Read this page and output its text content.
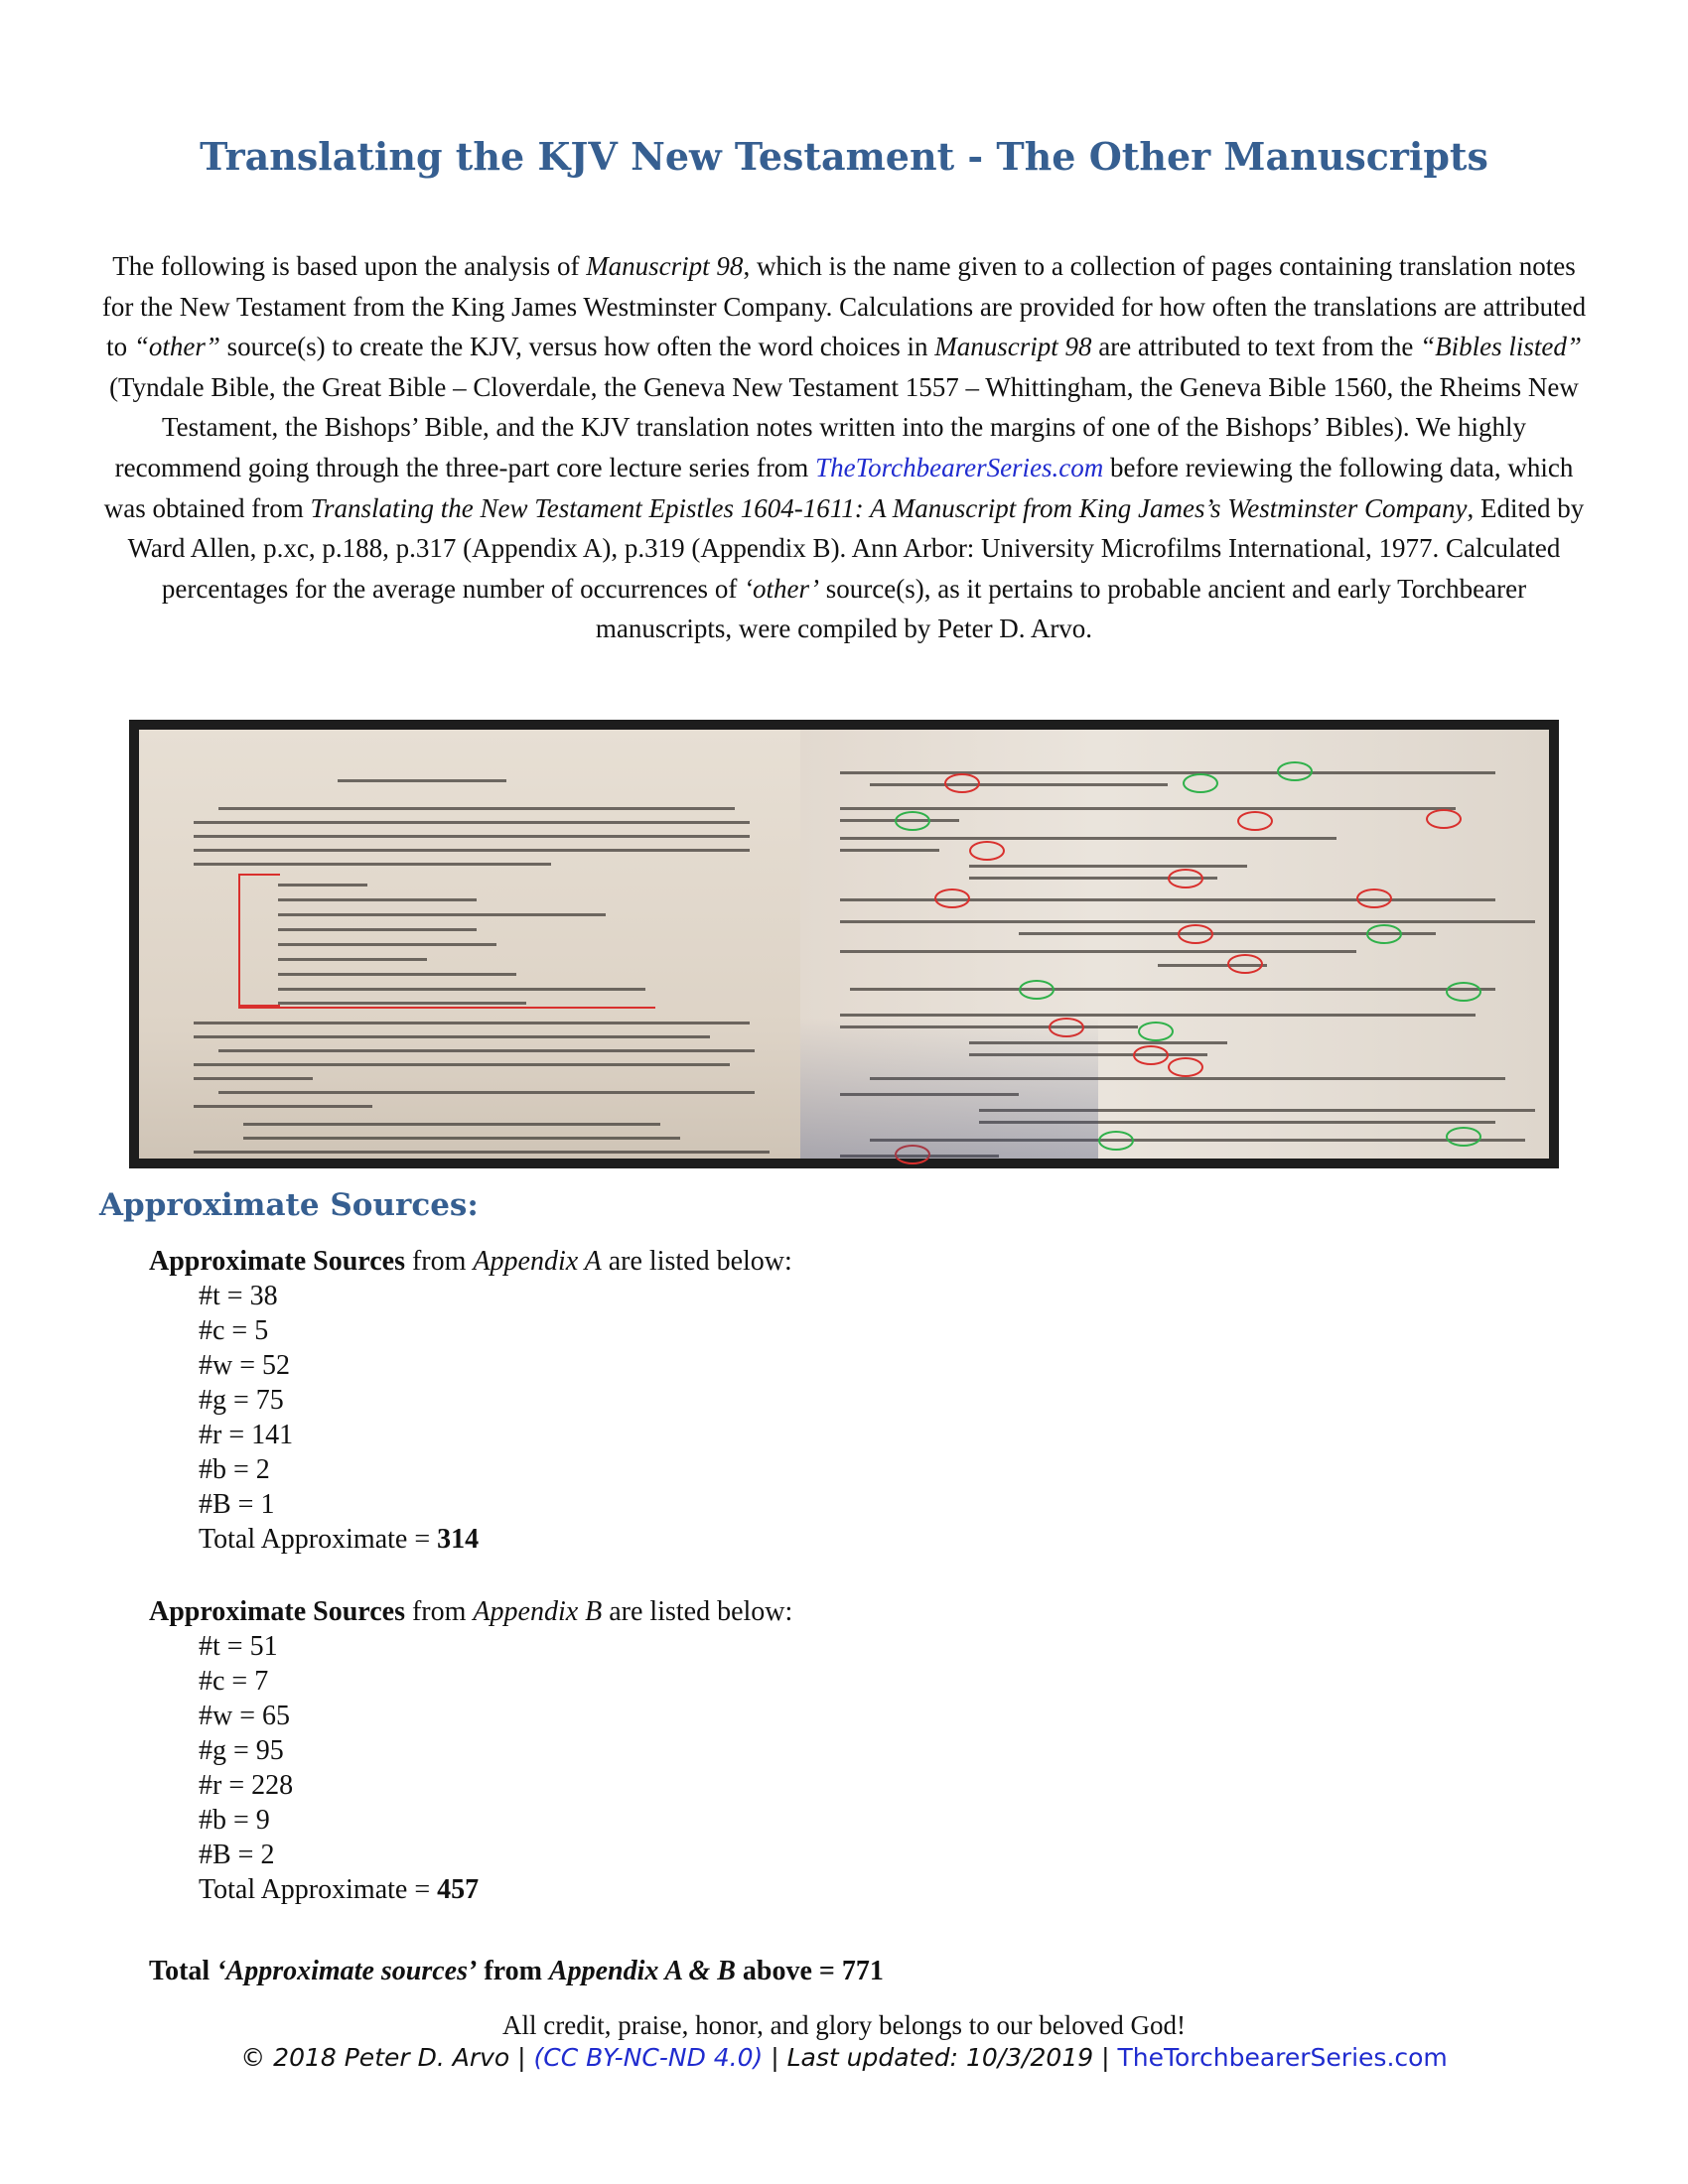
Translating the KJV New Testament - The Other Manuscripts

The following is based upon the analysis of Manuscript 98, which is the name given to a collection of pages containing translation notes for the New Testament from the King James Westminster Company. Calculations are provided for how often the translations are attributed to “other” source(s) to create the KJV, versus how often the word choices in Manuscript 98 are attributed to text from the “Bibles listed” (Tyndale Bible, the Great Bible – Cloverdale, the Geneva New Testament 1557 – Whittingham, the Geneva Bible 1560, the Rheims New Testament, the Bishops’ Bible, and the KJV translation notes written into the margins of one of the Bishops’ Bibles). We highly recommend going through the three-part core lecture series from TheTorchbearerSeries.com before reviewing the following data, which was obtained from Translating the New Testament Epistles 1604-1611: A Manuscript from King James’s Westminster Company, Edited by Ward Allen, p.xc, p.188, p.317 (Appendix A), p.319 (Appendix B). Ann Arbor: University Microfilms International, 1977. Calculated percentages for the average number of occurrences of ‘other’ source(s), as it pertains to probable ancient and early Torchbearer manuscripts, were compiled by Peter D. Arvo.

Approximate Sources:

Approximate Sources from Appendix A are listed below:

#t = 38

#c = 5

#w = 52

#g = 75

#r = 141

#b = 2

#B = 1

Total Approximate = 314

Approximate Sources from Appendix B are listed below:

#t = 51

#c = 7

#w = 65

#g = 95

#r = 228

#b = 9

#B = 2

Total Approximate = 457

Total ‘Approximate sources’ from Appendix A & B above = 771

All credit, praise, honor, and glory belongs to our beloved God!

© 2018 Peter D. Arvo | (CC BY-NC-ND 4.0) | Last updated: 10/3/2019 | TheTorchbearerSeries.com
